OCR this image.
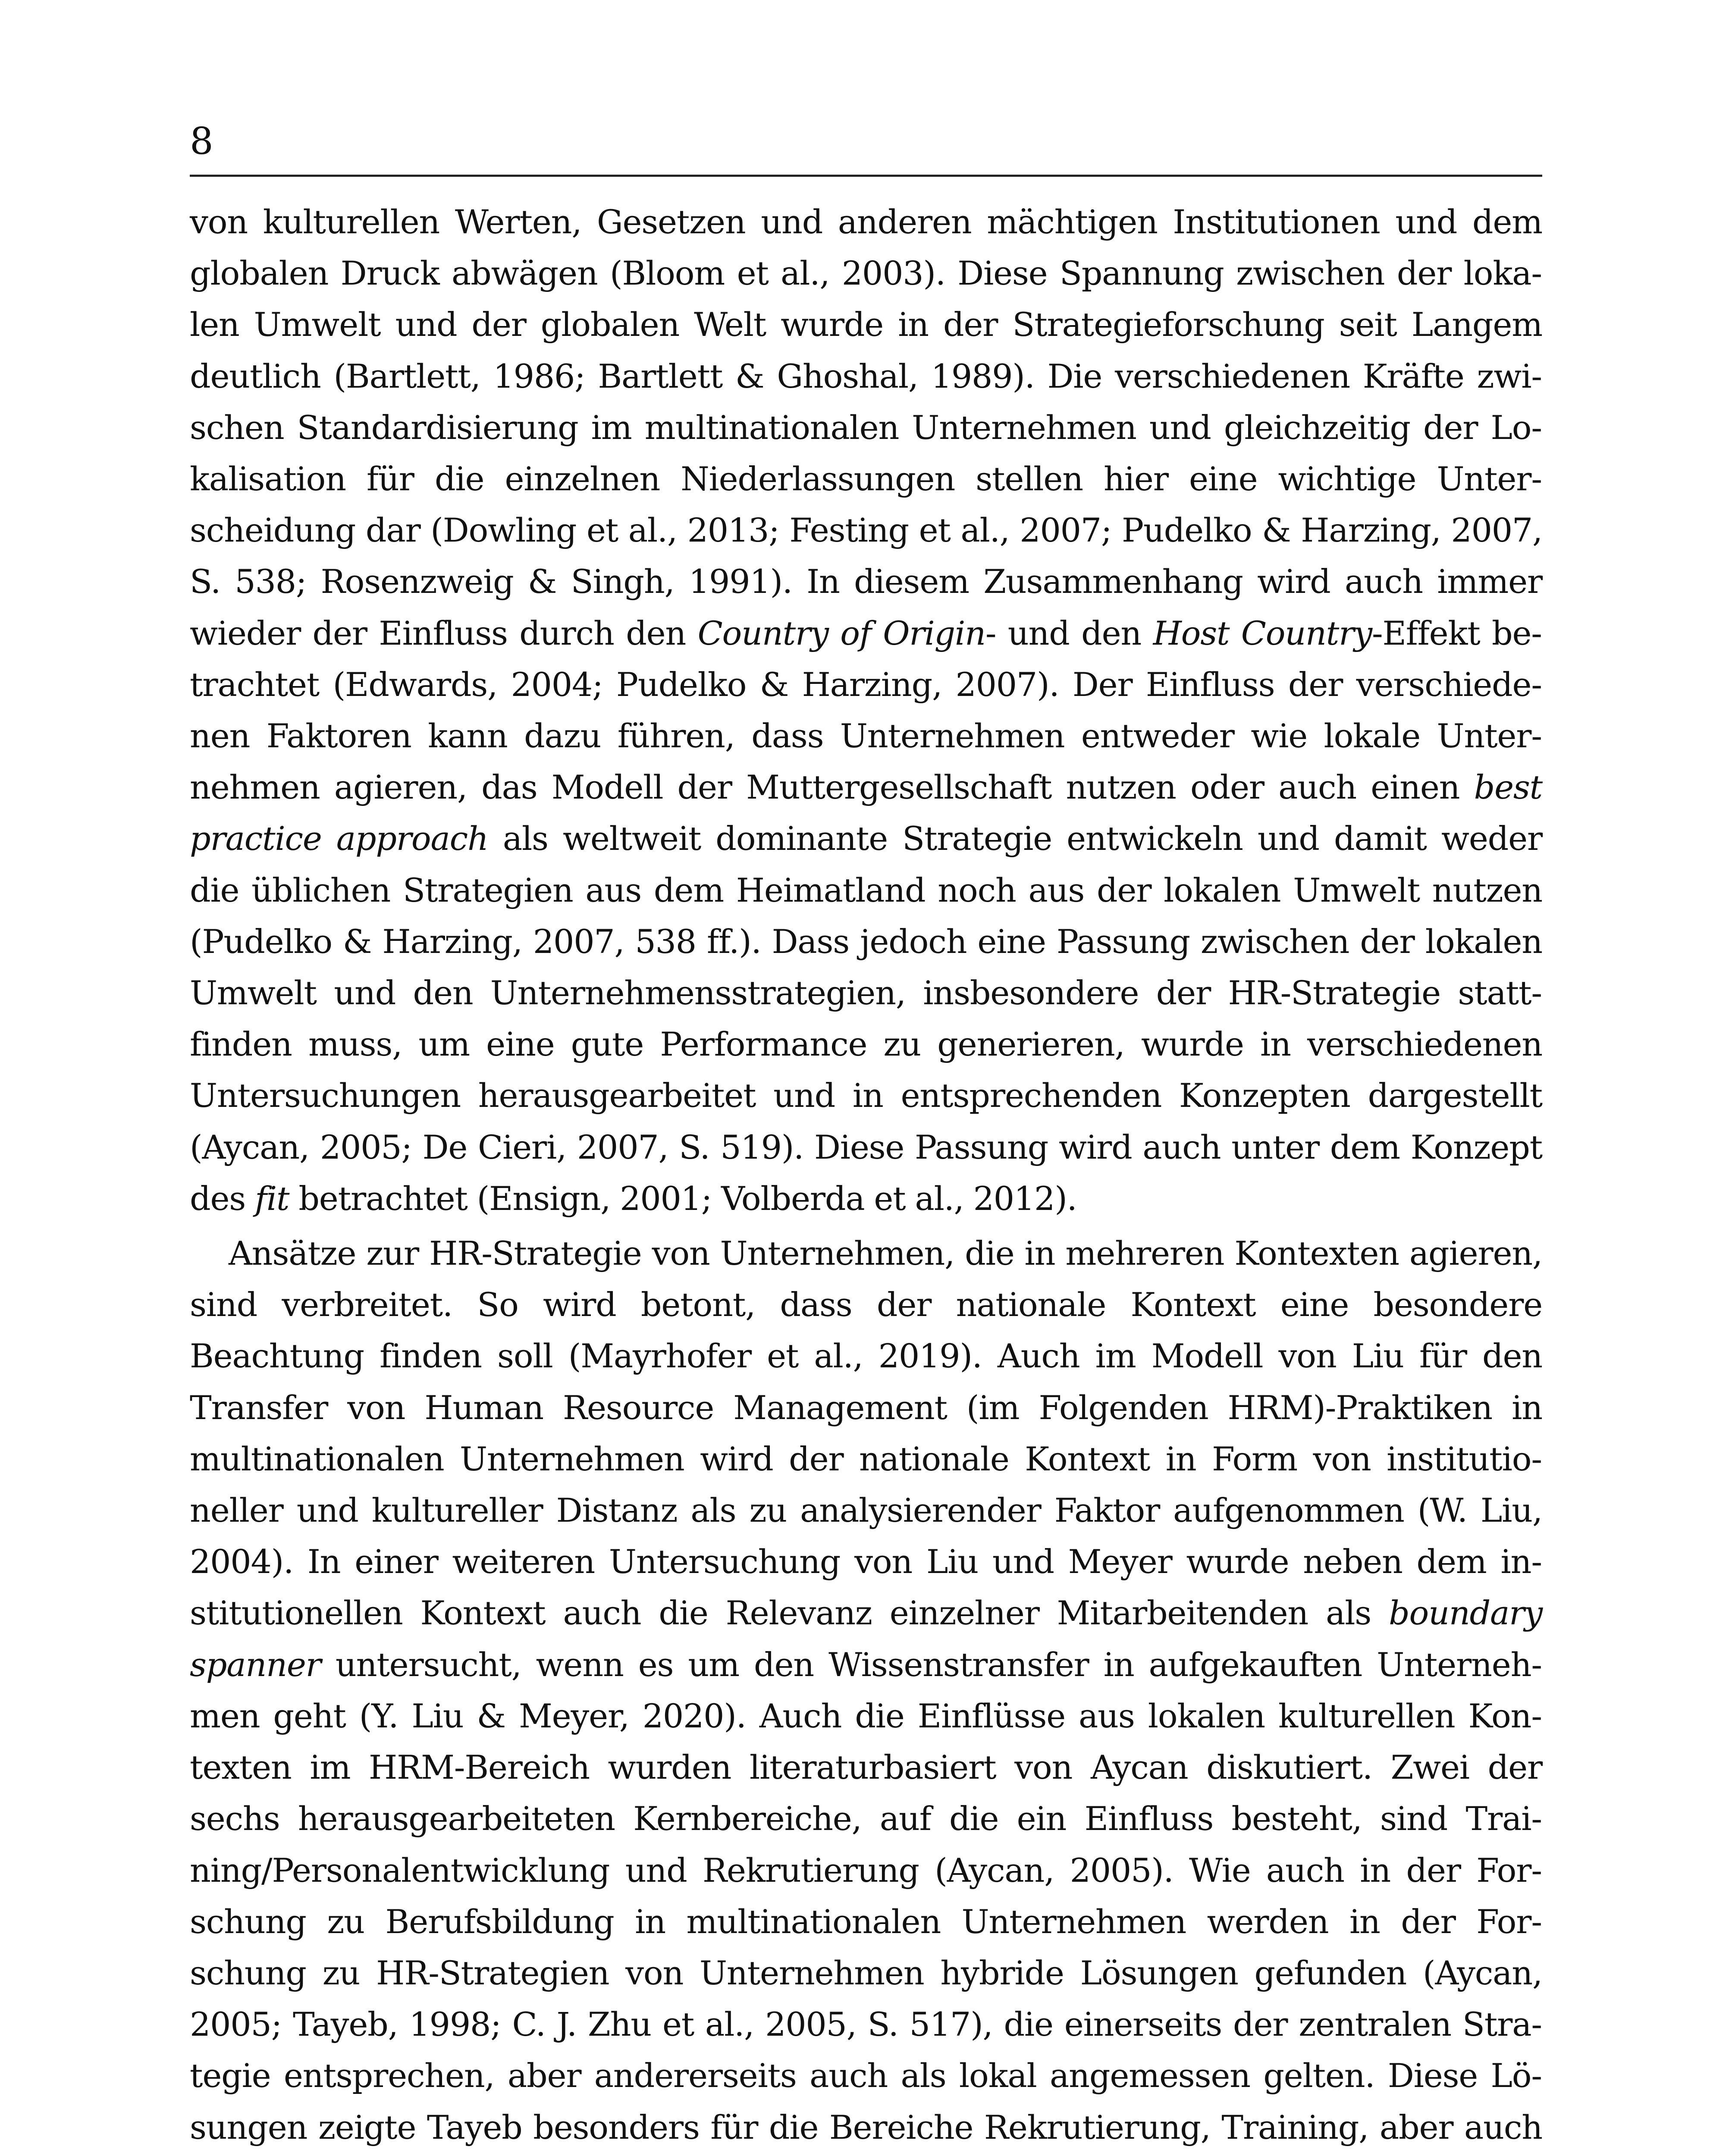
8

von kulturellen Werten, Gesetzen und anderen mächtigen Institutionen und dem globalen Druck abwägen (Bloom et al., 2003). Diese Spannung zwischen der lokalen Umwelt und der globalen Welt wurde in der Strategieforschung seit Langem deutlich (Bartlett, 1986; Bartlett & Ghoshal, 1989). Die verschiedenen Kräfte zwischen Standardisierung im multinationalen Unternehmen und gleichzeitig der Lokalisation für die einzelnen Niederlassungen stellen hier eine wichtige Unterscheidung dar (Dowling et al., 2013; Festing et al., 2007; Pudelko & Harzing, 2007, S. 538; Rosenzweig & Singh, 1991). In diesem Zusammenhang wird auch immer wieder der Einfluss durch den Country of Origin- und den Host Country-Effekt betrachtet (Edwards, 2004; Pudelko & Harzing, 2007). Der Einfluss der verschiedenen Faktoren kann dazu führen, dass Unternehmen entweder wie lokale Unternehmen agieren, das Modell der Muttergesellschaft nutzen oder auch einen best practice approach als weltweit dominante Strategie entwickeln und damit weder die üblichen Strategien aus dem Heimatland noch aus der lokalen Umwelt nutzen (Pudelko & Harzing, 2007, 538 ff.). Dass jedoch eine Passung zwischen der lokalen Umwelt und den Unternehmensstrategien, insbesondere der HR-Strategie stattfinden muss, um eine gute Performance zu generieren, wurde in verschiedenen Untersuchungen herausgearbeitet und in entsprechenden Konzepten dargestellt (Aycan, 2005; De Cieri, 2007, S. 519). Diese Passung wird auch unter dem Konzept des fit betrachtet (Ensign, 2001; Volberda et al., 2012).

Ansätze zur HR-Strategie von Unternehmen, die in mehreren Kontexten agieren, sind verbreitet. So wird betont, dass der nationale Kontext eine besondere Beachtung finden soll (Mayrhofer et al., 2019). Auch im Modell von Liu für den Transfer von Human Resource Management (im Folgenden HRM)-Praktiken in multinationalen Unternehmen wird der nationale Kontext in Form von institutioneller und kultureller Distanz als zu analysierender Faktor aufgenommen (W. Liu, 2004). In einer weiteren Untersuchung von Liu und Meyer wurde neben dem institutionellen Kontext auch die Relevanz einzelner Mitarbeitenden als boundary spanner untersucht, wenn es um den Wissenstransfer in aufgekauften Unternehmen geht (Y. Liu & Meyer, 2020). Auch die Einflüsse aus lokalen kulturellen Kontexten im HRM-Bereich wurden literaturbasiert von Aycan diskutiert. Zwei der sechs herausgearbeiteten Kernbereiche, auf die ein Einfluss besteht, sind Training/Personalentwicklung und Rekrutierung (Aycan, 2005). Wie auch in der Forschung zu Berufsbildung in multinationalen Unternehmen werden in der Forschung zu HR-Strategien von Unternehmen hybride Lösungen gefunden (Aycan, 2005; Tayeb, 1998; C. J. Zhu et al., 2005, S. 517), die einerseits der zentralen Strategie entsprechen, aber andererseits auch als lokal angemessen gelten. Diese Lösungen zeigte Tayeb besonders für die Bereiche Rekrutierung, Training, aber auch
